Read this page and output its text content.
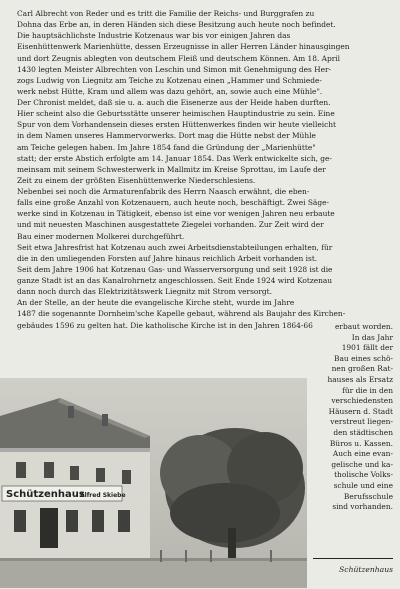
Carl Albrecht von Reder und es tritt die Familie der Reichs- und Burggrafen zu
Dohna das Erbe an, in deren Händen sich diese Besitzung auch heute noch befindet.
Die hauptsächlichste Industrie Kotzenaus war bis vor einigen Jahren das
Eisenhüttenwerk Marienhütte, dessen Erzeugnisse in aller Herren Länder hinausgingen
und dort Zeugnis ablegten von deutschem Fleiß und deutschem Können. Am 18. April
1430 legten Meister Albrechten von Leschin und Simon mit Genehmigung des Her-
zogs Ludwig von Liegnitz am Teiche zu Kotzenau einen „Hammer und Schmiede-
werk nebst Hütte, Kram und allem was dazu gehört, an, sowie auch eine Mühle".
Der Chronist meldet, daß sie u. a. auch die Eisenerze aus der Heide haben durften.
Hier scheint also die Geburtsstätte unserer heimischen Hauptindustrie zu sein. Eine
Spur von dem Vorhandensein dieses ersten Hüttenwerkes finden wir heute vielleicht
in dem Namen unseres Hammervorwerks. Dort mag die Hütte nebst der Mühle
am Teiche gelegen haben. Im Jahre 1854 fand die Gründung der „Marienhütte"
statt; der erste Abstich erfolgte am 14. Januar 1854. Das Werk entwickelte sich, ge-
meinsam mit seinem Schwesterwerk in Mallmitz im Kreise Sprottau, im Laufe der
Zeit zu einem der größten Eisenhüttenwerke Niederschlesiens.
Nebenbei sei noch die Armaturenfabrik des Herrn Naasch erwähnt, die eben-
falls eine große Anzahl von Kotzenauern, auch heute noch, beschäftigt. Zwei Säge-
werke sind in Kotzenau in Tätigkeit, ebenso ist eine vor wenigen Jahren neu erbaute
und mit neuesten Maschinen ausgestattete Ziegelei vorhanden. Zur Zeit wird der
Bau einer modernen Molkerei durchgeführt.
Seit etwa Jahresfrist hat Kotzenau auch zwei Arbeitsdienstabteilungen erhalten, für
die in den umliegenden Forsten auf Jahre hinaus reichlich Arbeit vorhanden ist.
Seit dem Jahre 1906 hat Kotzenau Gas- und Wasserversorgung und seit 1928 ist die
ganze Stadt ist an das Kanalrohrnetz angeschlossen. Seit Ende 1924 wird Kotzenau
dann noch durch das Elektrizitätswerk Liegnitz mit Strom versorgt.
An der Stelle, an der heute die evangelische Kirche steht, wurde im Jahre
1487 die sogenannte Dornheim'sche Kapelle gebaut, während als Baujahr des Kirchen-
gebäudes 1596 zu gelten hat. Die katholische Kirche ist in den Jahren 1864-66
Schützenhaus
Alfred Skiebe
erbaut worden.
In das Jahr
1901 fällt der
Bau eines schö-
nen großen Rat-
hauses als Ersatz
für die in den
verschiedensten
Häusern d. Stadt
verstreut liegen-
den städtischen
Büros u. Kassen.
Auch eine evan-
gelische und ka-
tholische Volks-
schule und eine
Berufsschule
sind vorhanden.
Schützenhaus
